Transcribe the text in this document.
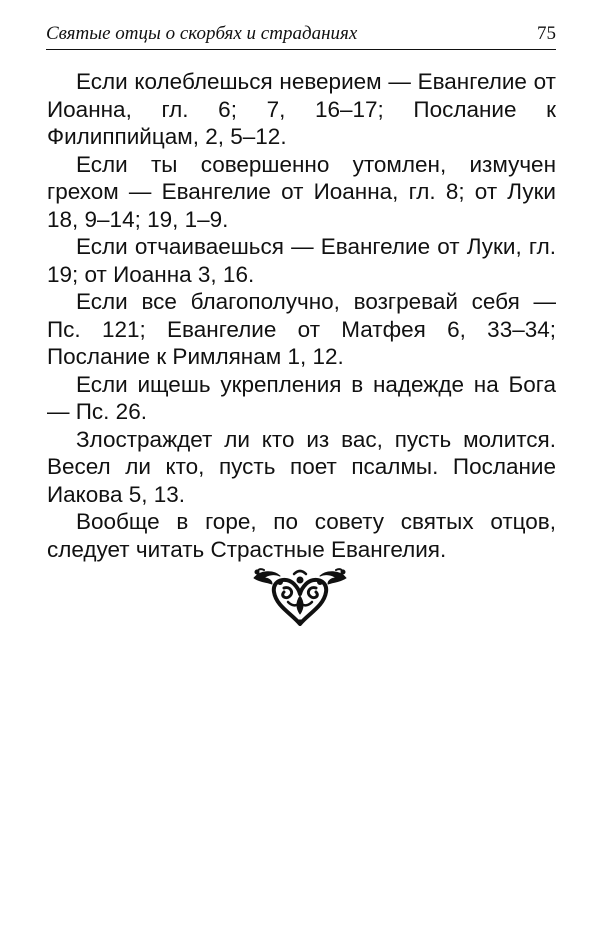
Святые отцы о скорбях и страданиях	75

Если колеблешься неверием — Евангелие от Иоанна, гл. 6; 7, 16–17; Послание к Филиппийцам, 2, 5–12.

Если ты совершенно утомлен, измучен грехом — Евангелие от Иоанна, гл. 8; от Луки 18, 9–14; 19, 1–9.

Если отчаиваешься — Евангелие от Луки, гл. 19; от Иоанна 3, 16.

Если все благополучно, возгревай себя — Пс. 121; Евангелие от Матфея 6, 33–34; Послание к Римлянам 1, 12.

Если ищешь укрепления в надежде на Бога — Пс. 26.

Злостраждет ли кто из вас, пусть молится. Весел ли кто, пусть поет псалмы. Послание Иакова 5, 13.

Вообще в горе, по совету святых отцов, следует читать Страстные Евангелия.
